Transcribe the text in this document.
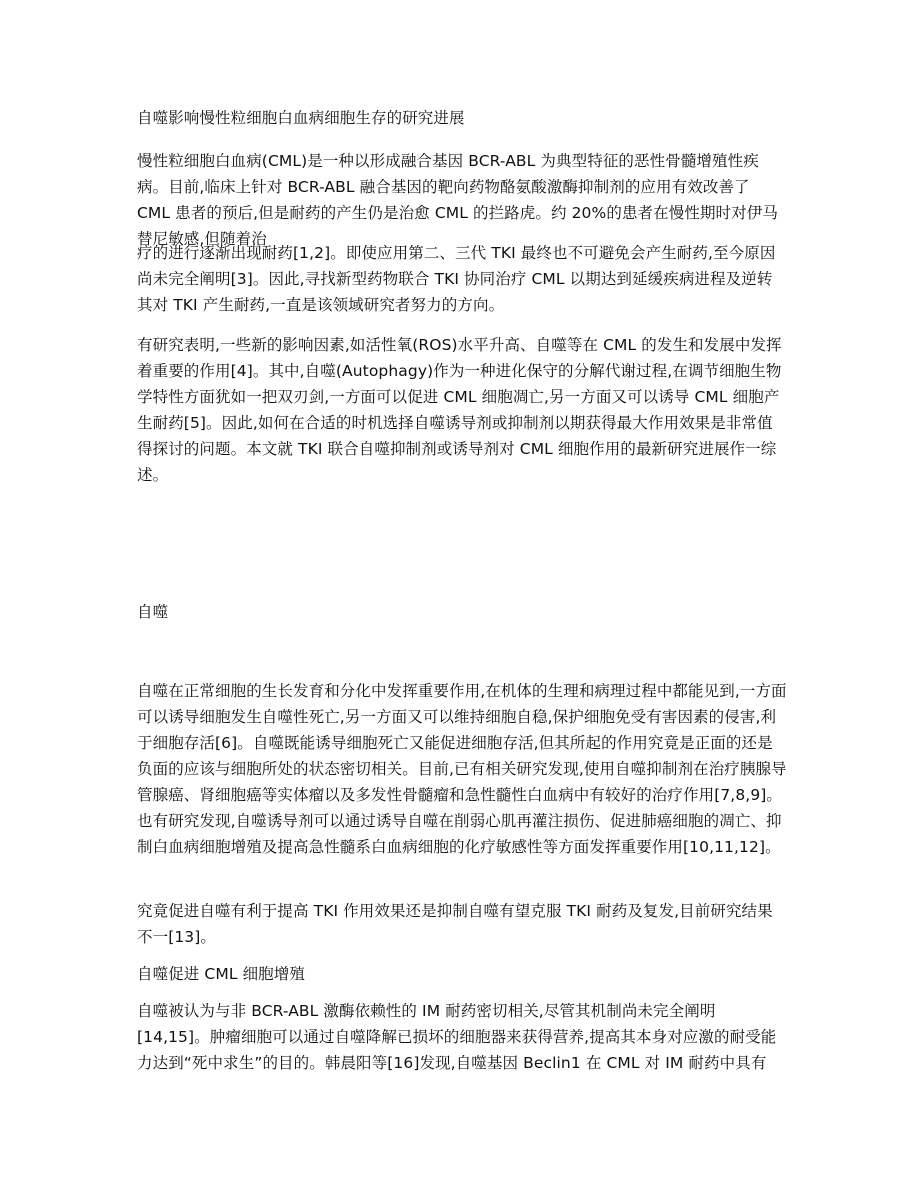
自噬影响慢性粒细胞白血病细胞生存的研究进展

慢性粒细胞白血病(CML)是一种以形成融合基因 BCR-ABL 为典型特征的恶性骨髓增殖性疾病。目前,临床上针对 BCR-ABL 融合基因的靶向药物酪氨酸激酶抑制剂的应用有效改善了 CML 患者的预后,但是耐药的产生仍是治愈 CML 的拦路虎。约 20%的患者在慢性期时对伊马替尼敏感,但随着治

疗的进行逐渐出现耐药[1,2]。即使应用第二、三代 TKI 最终也不可避免会产生耐药,至今原因尚未完全阐明[3]。因此,寻找新型药物联合 TKI 协同治疗 CML 以期达到延缓疾病进程及逆转其对 TKI 产生耐药,一直是该领域研究者努力的方向。

有研究表明,一些新的影响因素,如活性氧(ROS)水平升高、自噬等在 CML 的发生和发展中发挥着重要的作用[4]。其中,自噬(Autophagy)作为一种进化保守的分解代谢过程,在调节细胞生物学特性方面犹如一把双刃剑,一方面可以促进 CML 细胞凋亡,另一方面又可以诱导 CML 细胞产生耐药[5]。因此,如何在合适的时机选择自噬诱导剂或抑制剂以期获得最大作用效果是非常值得探讨的问题。本文就 TKI 联合自噬抑制剂或诱导剂对 CML 细胞作用的最新研究进展作一综述。

自噬

自噬在正常细胞的生长发育和分化中发挥重要作用,在机体的生理和病理过程中都能见到,一方面可以诱导细胞发生自噬性死亡,另一方面又可以维持细胞自稳,保护细胞免受有害因素的侵害,利于细胞存活[6]。自噬既能诱导细胞死亡又能促进细胞存活,但其所起的作用究竟是正面的还是负面的应该与细胞所处的状态密切相关。目前,已有相关研究发现,使用自噬抑制剂在治疗胰腺导管腺癌、肾细胞癌等实体瘤以及多发性骨髓瘤和急性髓性白血病中有较好的治疗作用[7,8,9]。也有研究发现,自噬诱导剂可以通过诱导自噬在削弱心肌再灌注损伤、促进肺癌细胞的凋亡、抑制白血病细胞增殖及提高急性髓系白血病细胞的化疗敏感性等方面发挥重要作用[10,11,12]。

究竟促进自噬有利于提高 TKI 作用效果还是抑制自噬有望克服 TKI 耐药及复发,目前研究结果不一[13]。

自噬促进 CML 细胞增殖

自噬被认为与非 BCR-ABL 激酶依赖性的 IM 耐药密切相关,尽管其机制尚未完全阐明[14,15]。肿瘤细胞可以通过自噬降解已损坏的细胞器来获得营养,提高其本身对应激的耐受能力达到“死中求生”的目的。韩晨阳等[16]发现,自噬基因 Beclin1 在 CML 对 IM 耐药中具有
